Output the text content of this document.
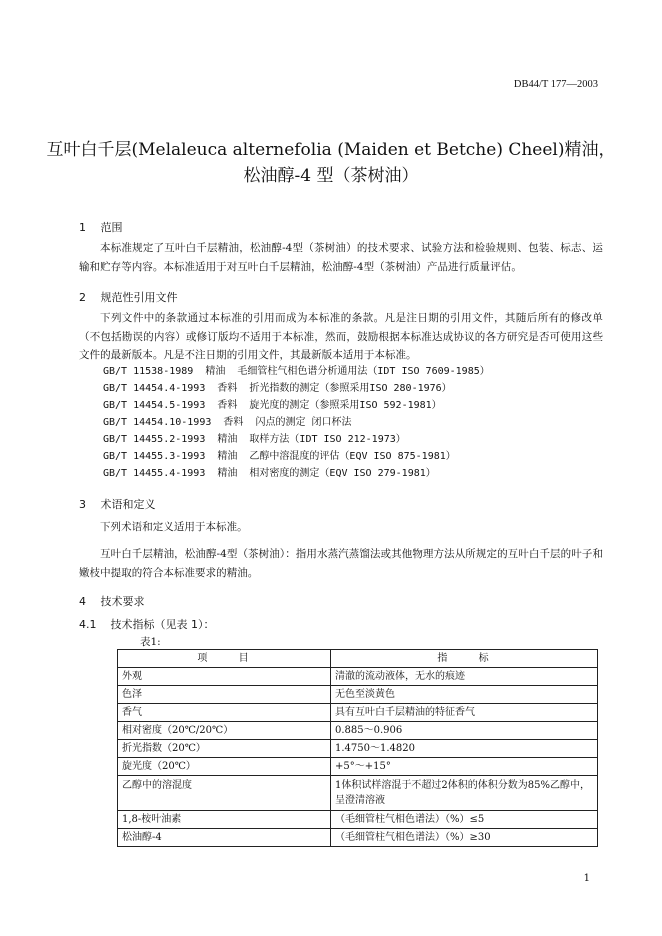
DB44/T 177—2003
互叶白千层(Melaleuca alternefolia (Maiden et Betche) Cheel)精油，
松油醇-4 型（茶树油）
1 范围

本标准规定了互叶白千层精油，松油醇-4型（茶树油）的技术要求、试验方法和检验规则、包装、标志、运输和贮存等内容。本标准适用于对互叶白千层精油，松油醇-4型（茶树油）产品进行质量评估。

2 规范性引用文件

下列文件中的条款通过本标准的引用而成为本标准的条款。凡是注日期的引用文件，其随后所有的修改单（不包括勘误的内容）或修订版均不适用于本标准，然而，鼓励根据本标准达成协议的各方研究是否可使用这些文件的最新版本。凡是不注日期的引用文件，其最新版本适用于本标准。

GB/T 11538-1989  精油  毛细管柱气相色谱分析通用法（IDT ISO 7609-1985）
GB/T 14454.4-1993  香料  折光指数的测定（参照采用ISO 280-1976）
GB/T 14454.5-1993  香料  旋光度的测定（参照采用ISO 592-1981）
GB/T 14454.10-1993  香料  闪点的测定 闭口杯法
GB/T 14455.2-1993  精油  取样方法（IDT ISO 212-1973）
GB/T 14455.3-1993  精油  乙醇中溶混度的评估（EQV ISO 875-1981）
GB/T 14455.4-1993  精油  相对密度的测定（EQV ISO 279-1981）
3 术语和定义

下列术语和定义适用于本标准。

互叶白千层精油，松油醇-4型（茶树油）：指用水蒸汽蒸馏法或其他物理方法从所规定的互叶白千层的叶子和嫩枝中提取的符合本标准要求的精油。

4 技术要求
4.1 技术指标（见表 1）：
表1:
项 目	指 标
外观	清澈的流动液体，无水的痕迹
色泽	无色至淡黄色
香气	具有互叶白千层精油的特征香气
相对密度（20℃/20℃）	0.885～0.906
折光指数（20℃）	1.4750～1.4820
旋光度（20℃）	+5°～+15°
乙醇中的溶混度	1体积试样溶混于不超过2体积的体积分数为85%乙醇中，呈澄清溶液
1,8-桉叶油素	（毛细管柱气相色谱法）（%）≤5
松油醇-4	（毛细管柱气相色谱法）（%）≥30
1
